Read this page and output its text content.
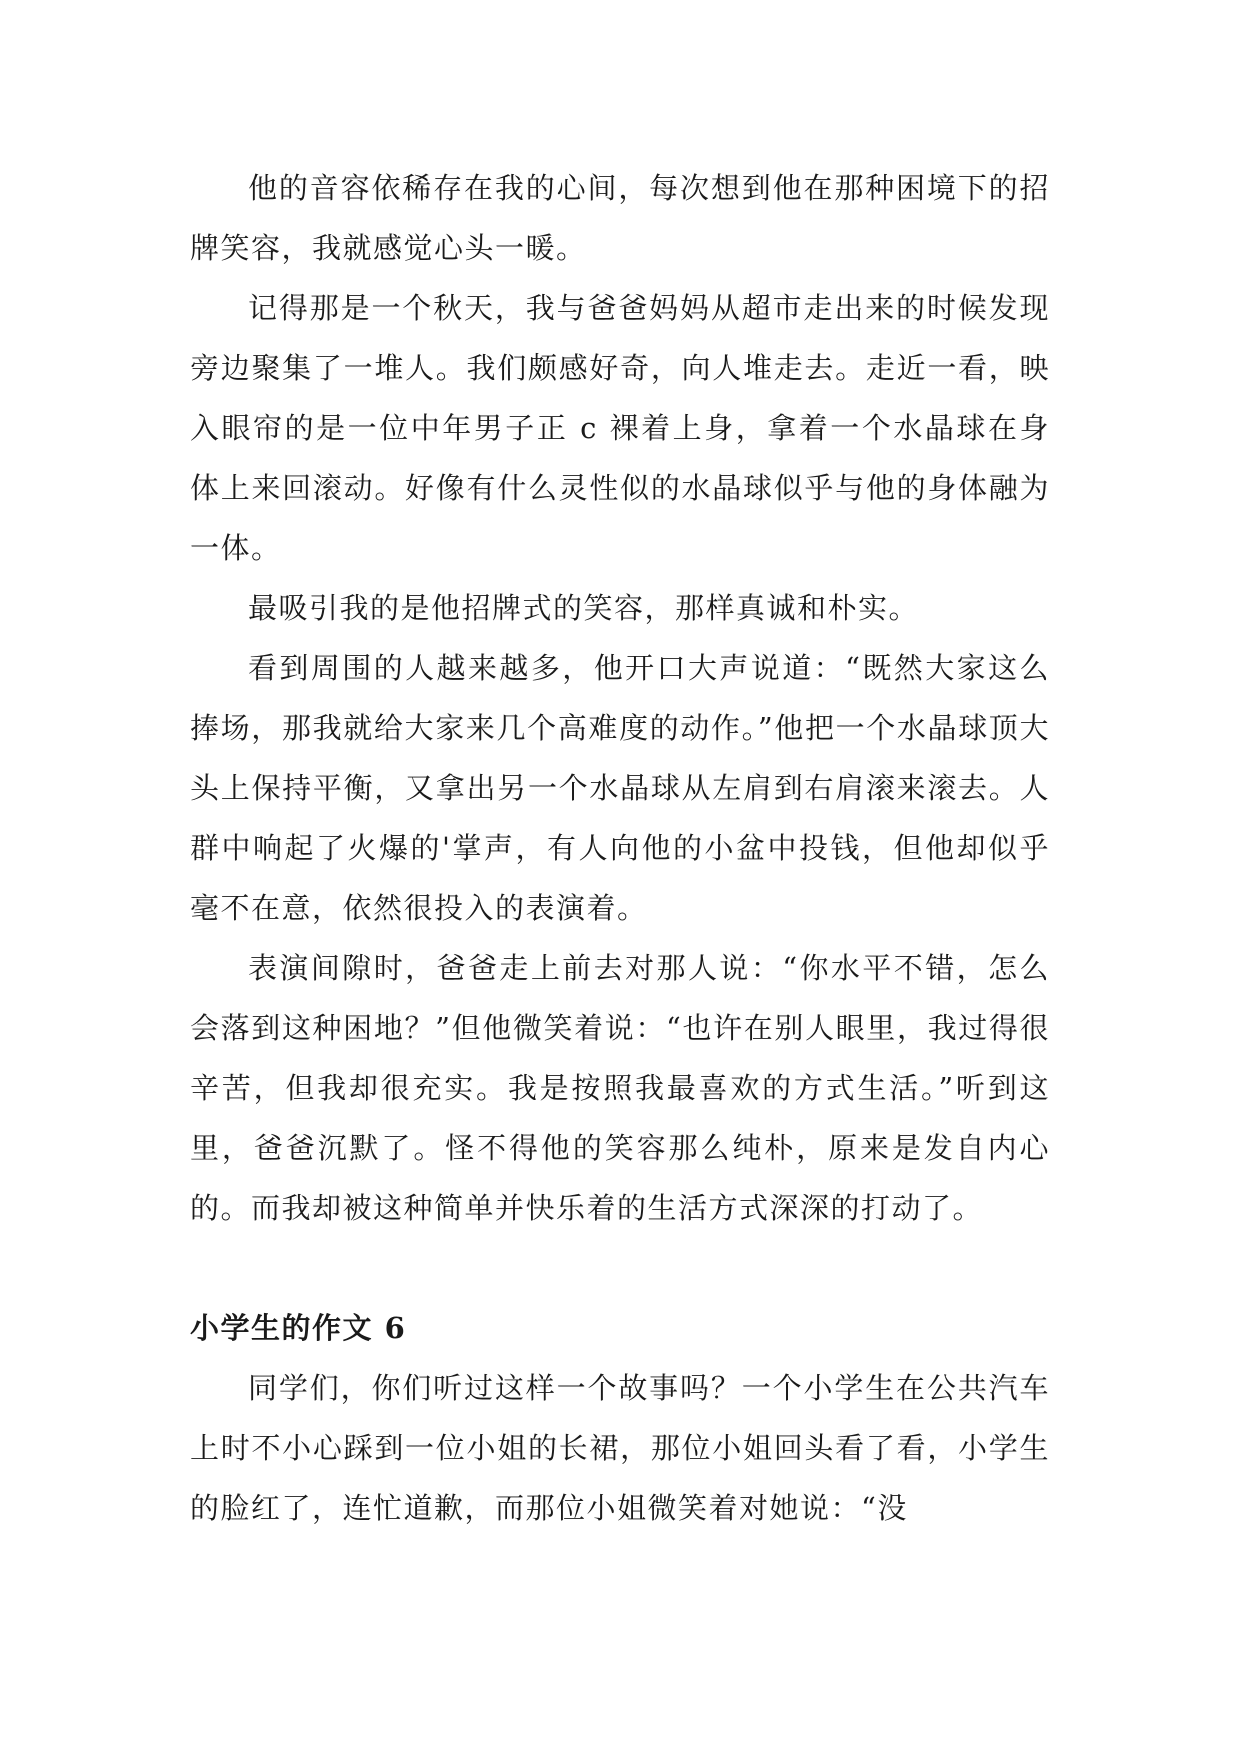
他的音容依稀存在我的心间，每次想到他在那种困境下的招牌笑容，我就感觉心头一暖。

记得那是一个秋天，我与爸爸妈妈从超市走出来的时候发现旁边聚集了一堆人。我们颇感好奇，向人堆走去。走近一看，映入眼帘的是一位中年男子正 c 裸着上身，拿着一个水晶球在身体上来回滚动。好像有什么灵性似的水晶球似乎与他的身体融为一体。

最吸引我的是他招牌式的笑容，那样真诚和朴实。

看到周围的人越来越多，他开口大声说道：“既然大家这么捧场，那我就给大家来几个高难度的动作。”他把一个水晶球顶大头上保持平衡，又拿出另一个水晶球从左肩到右肩滚来滚去。人群中响起了火爆的'掌声，有人向他的小盆中投钱，但他却似乎毫不在意，依然很投入的表演着。

表演间隙时，爸爸走上前去对那人说：“你水平不错，怎么会落到这种困地？”但他微笑着说：“也许在别人眼里，我过得很辛苦，但我却很充实。我是按照我最喜欢的方式生活。”听到这里，爸爸沉默了。怪不得他的笑容那么纯朴，原来是发自内心的。而我却被这种简单并快乐着的生活方式深深的打动了。

小学生的作文 6

同学们，你们听过这样一个故事吗？一个小学生在公共汽车上时不小心踩到一位小姐的长裙，那位小姐回头看了看，小学生的脸红了，连忙道歉，而那位小姐微笑着对她说：“没
